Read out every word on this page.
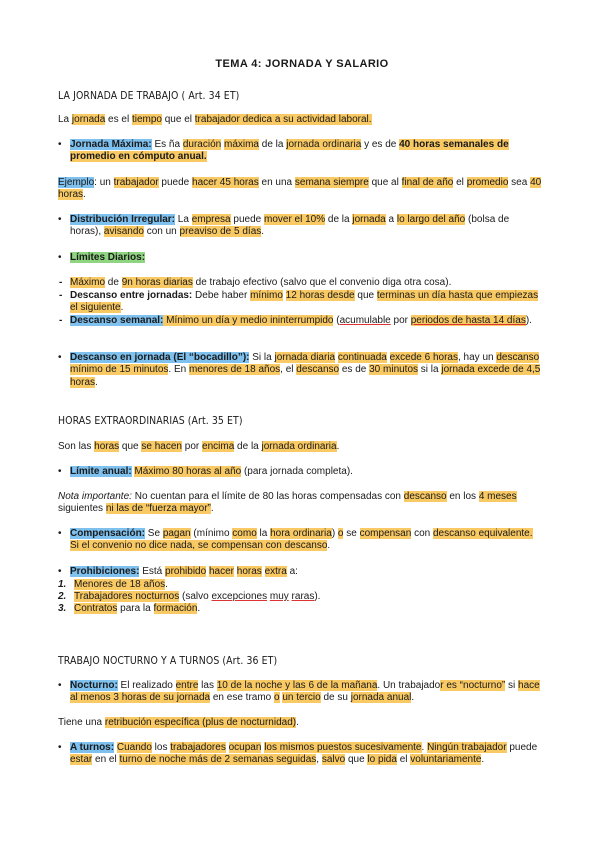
TEMA 4: JORNADA Y SALARIO
LA JORNADA DE TRABAJO ( Art. 34 ET)
La jornada es el tiempo que el trabajador dedica a su actividad laboral.
• Jornada Máxima: Es ña duración máxima de la jornada ordinaria y es de 40 horas semanales de promedio en cómputo anual.
Ejemplo: un trabajador puede hacer 45 horas en una semana siempre que al final de año el promedio sea 40 horas.
• Distribución Irregular: La empresa puede mover el 10% de la jornada a lo largo del año (bolsa de horas), avisando con un preaviso de 5 días.
• Límites Diarios:
- Máximo de 9n horas diarias de trabajo efectivo (salvo que el convenio diga otra cosa).
- Descanso entre jornadas: Debe haber mínimo 12 horas desde que terminas un día hasta que empiezas el siguiente.
- Descanso semanal: Mínimo un día y medio ininterrumpido (acumulable por periodos de hasta 14 días).
• Descanso en jornada (El “bocadillo”): Si la jornada diaria continuada excede 6 horas, hay un descanso mínimo de 15 minutos. En menores de 18 años, el descanso es de 30 minutos si la jornada excede de 4,5 horas.
HORAS EXTRAORDINARIAS (Art. 35 ET)
Son las horas que se hacen por encima de la jornada ordinaria.
• Límite anual: Máximo 80 horas al año (para jornada completa).
Nota importante: No cuentan para el límite de 80 las horas compensadas con descanso en los 4 meses siguientes ni las de “fuerza mayor”.
• Compensación: Se pagan (mínimo como la hora ordinaria) o se compensan con descanso equivalente. Si el convenio no dice nada, se compensan con descanso.
• Prohibiciones: Está prohibido hacer horas extra a:
1. Menores de 18 años.
2. Trabajadores nocturnos (salvo excepciones muy raras).
3. Contratos para la formación.
TRABAJO NOCTURNO Y A TURNOS (Art. 36 ET)
• Nocturno: El realizado entre las 10 de la noche y las 6 de la mañana. Un trabajador es “nocturno” si hace al menos 3 horas de su jornada en ese tramo o un tercio de su jornada anual.
Tiene una retribución específica (plus de nocturnidad).
• A turnos: Cuando los trabajadores ocupan los mismos puestos sucesivamente. Ningún trabajador puede estar en el turno de noche más de 2 semanas seguidas, salvo que lo pida el voluntariamente.
